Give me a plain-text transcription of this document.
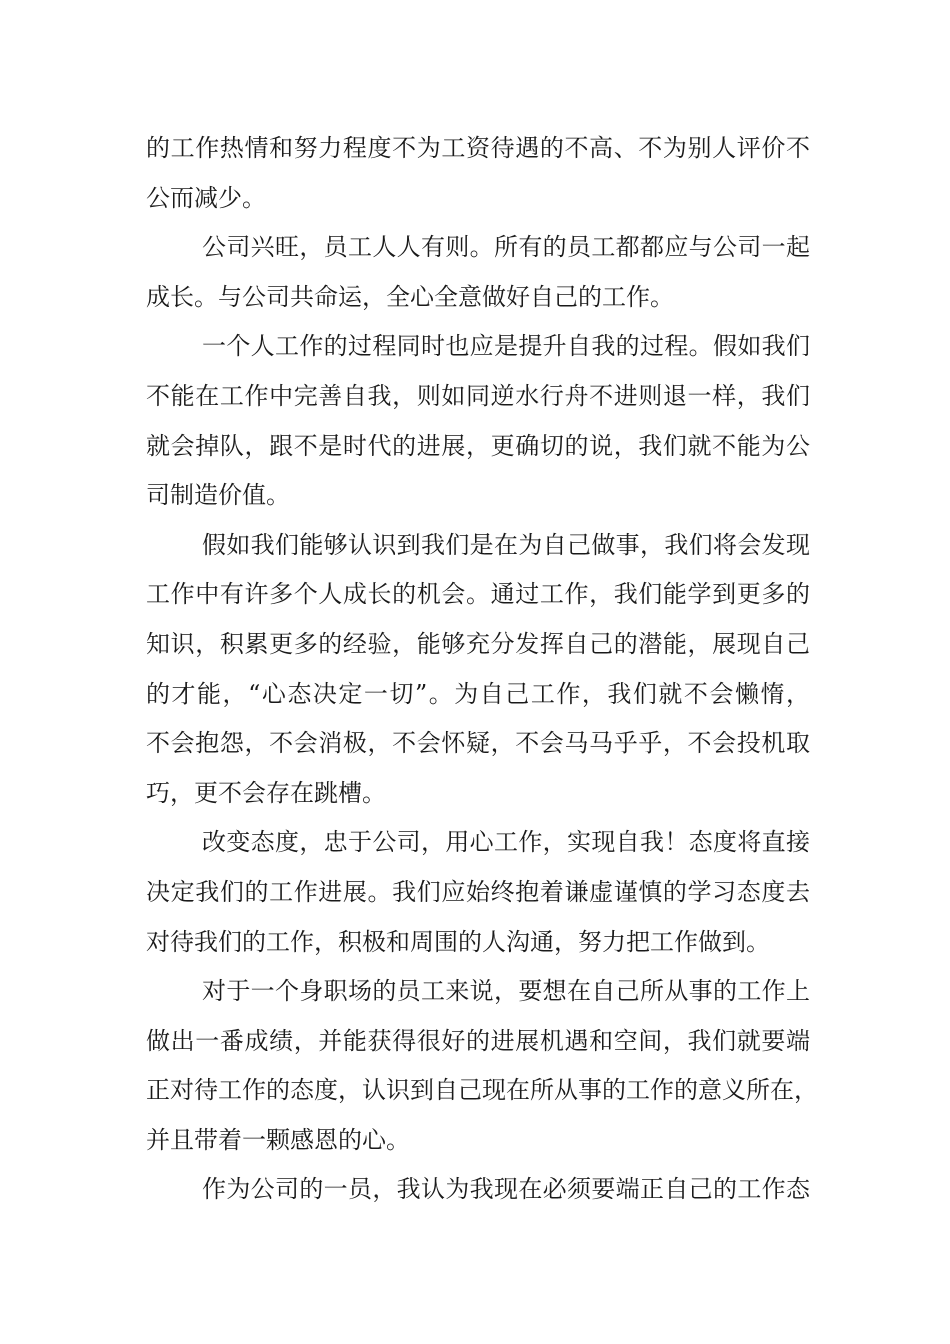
的工作热情和努力程度不为工资待遇的不高、不为别人评价不
公而减少。
公司兴旺，员工人人有则。所有的员工都都应与公司一起
成长。与公司共命运，全心全意做好自己的工作。
一个人工作的过程同时也应是提升自我的过程。假如我们
不能在工作中完善自我，则如同逆水行舟不进则退一样，我们
就会掉队，跟不是时代的进展，更确切的说，我们就不能为公
司制造价值。
假如我们能够认识到我们是在为自己做事，我们将会发现
工作中有许多个人成长的机会。通过工作，我们能学到更多的
知识，积累更多的经验，能够充分发挥自己的潜能，展现自己
的才能，“心态决定一切”。为自己工作，我们就不会懒惰，
不会抱怨，不会消极，不会怀疑，不会马马乎乎，不会投机取
巧，更不会存在跳槽。
改变态度，忠于公司，用心工作，实现自我！态度将直接
决定我们的工作进展。我们应始终抱着谦虚谨慎的学习态度去
对待我们的工作，积极和周围的人沟通，努力把工作做到。
对于一个身职场的员工来说，要想在自己所从事的工作上
做出一番成绩，并能获得很好的进展机遇和空间，我们就要端
正对待工作的态度，认识到自己现在所从事的工作的意义所在，
并且带着一颗感恩的心。
作为公司的一员，我认为我现在必须要端正自己的工作态
